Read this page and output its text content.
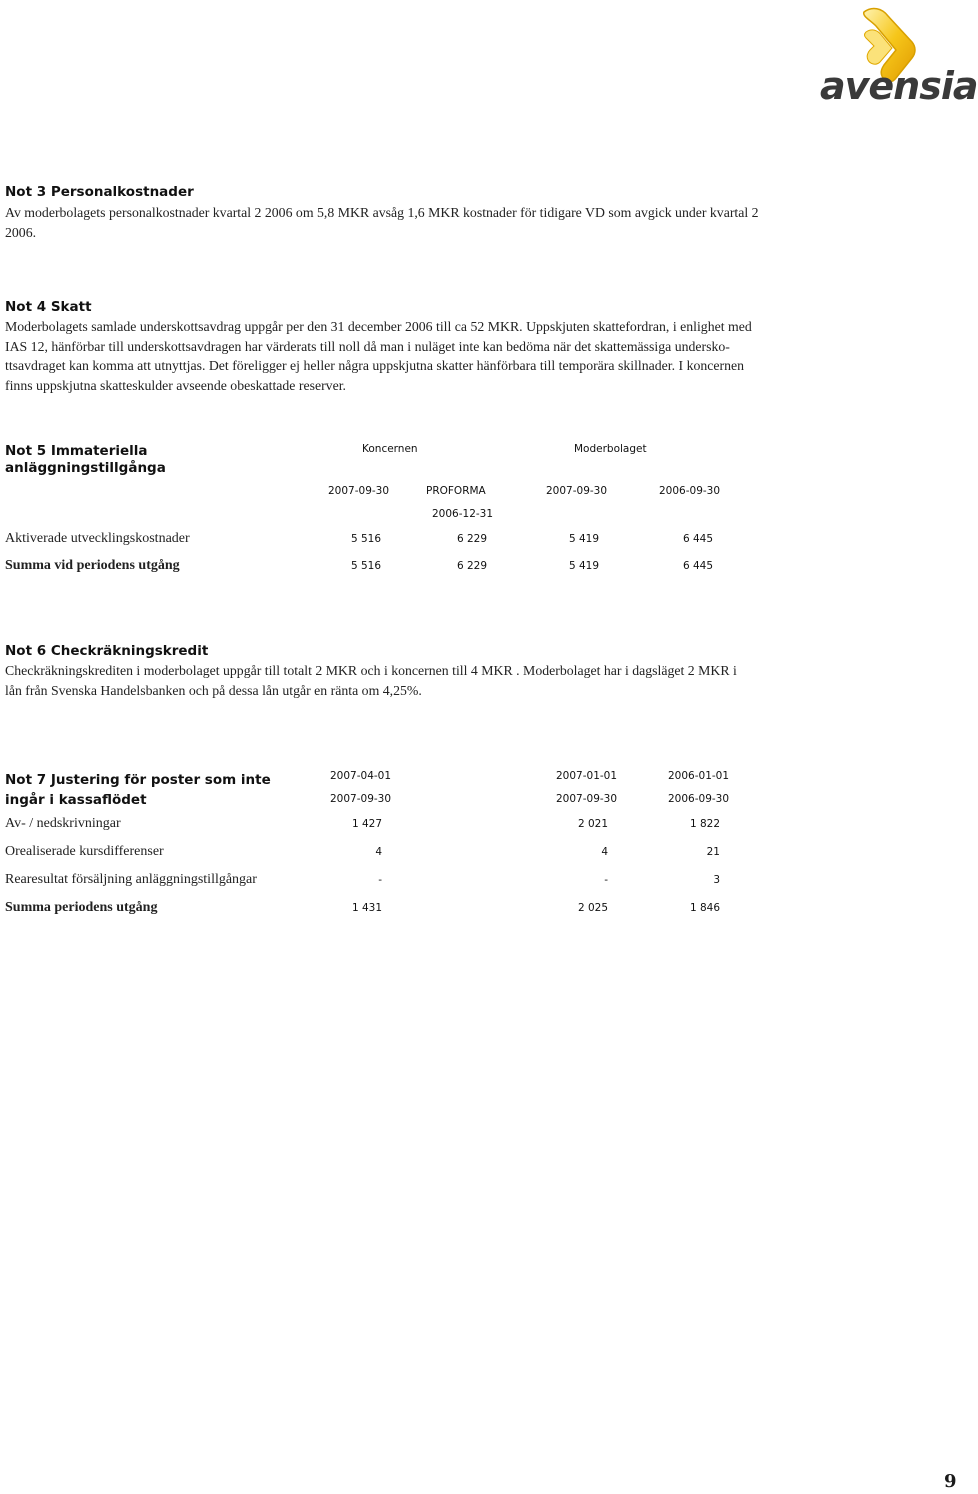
avensia
Not 3 Personalkostnader
Av moderbolagets personalkostnader kvartal 2 2006 om 5,8 MKR avsåg 1,6 MKR kostnader för tidigare VD som avgick under kvartal 2
2006.
Not 4 Skatt
Moderbolagets samlade underskottsavdrag uppgår per den 31 december 2006 till ca 52 MKR. Uppskjuten skattefordran, i enlighet med
IAS 12, hänförbar till underskottsavdragen har värderats till noll då man i nuläget inte kan bedöma när det skattemässiga undersko-
ttsavdraget kan komma att utnyttjas. Det föreligger ej heller några uppskjutna skatter hänförbara till temporära skillnader. I koncernen
finns uppskjutna skatteskulder avseende obeskattade reserver.
Not 5 Immateriella
anläggningstillgånga
Koncernen	Moderbolaget
2007-09-30	PROFORMA	2007-09-30	2006-09-30
2006-12-31
Aktiverade utvecklingskostnader	5 516	6 229	5 419	6 445
Summa vid periodens utgång	5 516	6 229	5 419	6 445
Not 6 Checkräkningskredit
Checkräkningskrediten i moderbolaget uppgår till totalt 2 MKR och i koncernen till 4 MKR . Moderbolaget har i dagsläget 2 MKR i
lån från Svenska Handelsbanken och på dessa lån utgår en ränta om 4,25%.
Not 7 Justering för poster som inte
ingår i kassaflödet
2007-04-01	2007-01-01	2006-01-01
2007-09-30	2007-09-30	2006-09-30
Av- / nedskrivningar	1 427	2 021	1 822
Orealiserade kursdifferenser	4	4	21
Rearesultat försäljning anläggningstillgångar	-	-	3
Summa periodens utgång	1 431	2 025	1 846
9
